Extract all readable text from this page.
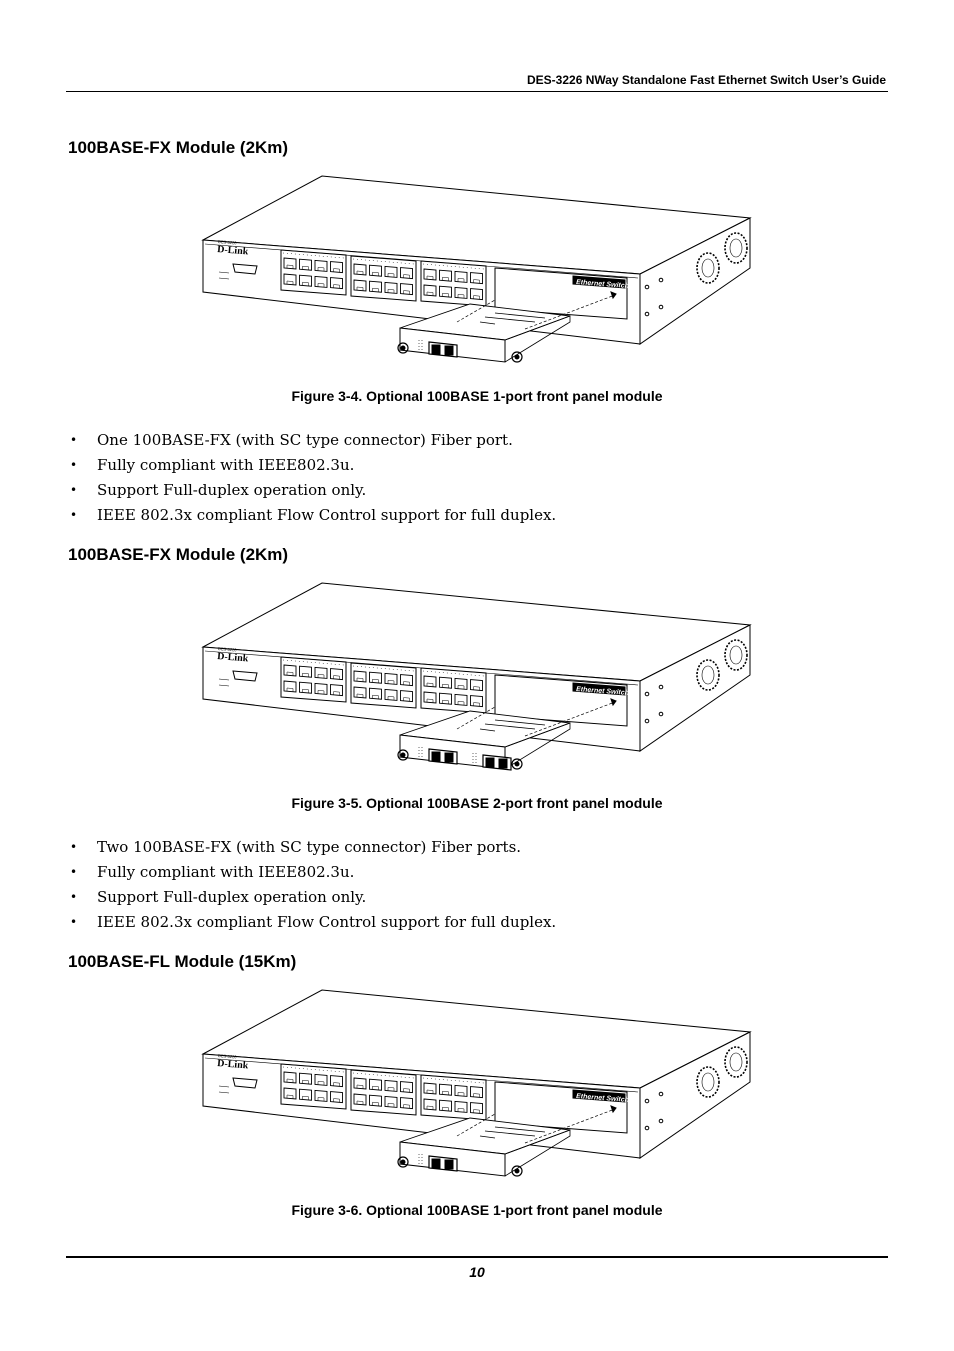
DES-3226 NWay Standalone Fast Ethernet Switch User’s Guide
100BASE-FX Module (2Km)
D-Link
DES-3226
Ethernet Switch
Figure 3-4. Optional 100BASE 1-port front panel module
• One 100BASE-FX (with SC type connector) Fiber port.
• Fully compliant with IEEE802.3u.
• Support Full-duplex operation only.
• IEEE 802.3x compliant Flow Control support for full duplex.
100BASE-FX Module (2Km)
D-Link
DES-3226
Ethernet Switch
Figure 3-5. Optional 100BASE 2-port front panel module
• Two 100BASE-FX (with SC type connector) Fiber ports.
• Fully compliant with IEEE802.3u.
• Support Full-duplex operation only.
• IEEE 802.3x compliant Flow Control support for full duplex.
100BASE-FL Module (15Km)
D-Link
DES-3226
Ethernet Switch
Figure 3-6. Optional 100BASE 1-port front panel module
10
